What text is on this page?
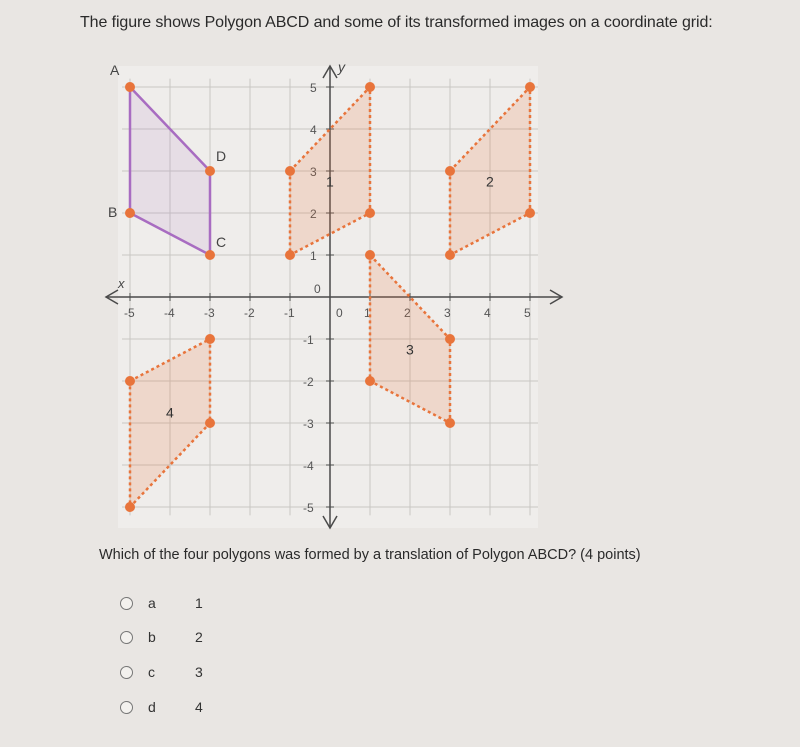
The figure shows Polygon ABCD and some of its transformed images on a coordinate grid:
x
y
-5 -4 -3 -2 -1	0 1	2	3	4	5
5
4
3
2
1
0
-1
-2
-3
-4
-5
1	2
3
4
A
D
C
B
Which of the four polygons was formed by a translation of Polygon ABCD? (4 points)
a	1
b	2
c	3
d	4
